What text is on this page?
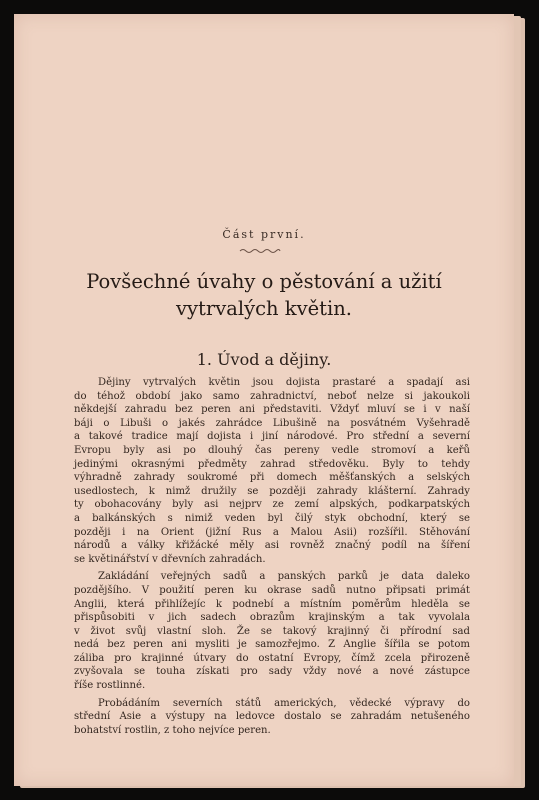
Část první.
Povšechné úvahy o pěstování a užití
vytrvalých květin.
1. Úvod a dějiny.
Dějiny vytrvalých květin jsou dojista prastaré a spadají asi
do téhož období jako samo zahradnictví, neboť nelze si jakoukoli
někdejší zahradu bez peren ani představiti. Vždyť mluví se i v naší
báji o Libuši o jakés zahrádce Libušině na posvátném Vyšehradě
a takové tradice mají dojista i jiní národové. Pro střední a severní
Evropu byly asi po dlouhý čas pereny vedle stromoví a keřů
jedinými okrasnými předměty zahrad středověku. Byly to tehdy
výhradně zahrady soukromé při domech měšťanských a selských
usedlostech, k nimž družily se později zahrady klášterní. Zahrady
ty obohacovány byly asi nejprv ze zemí alpských, podkarpatských
a balkánských s nimiž veden byl čilý styk obchodní, který se
později i na Orient (jižní Rus a Malou Asii) rozšířil. Stěhování
národů a války křižácké měly asi rovněž značný podíl na šíření
se květinářství v dřevních zahradách.
Zakládání veřejných sadů a panských parků je data daleko
pozdějšího. V použití peren ku okrase sadů nutno připsati primát
Anglii, která přihlížejíc k podnebí a místním poměrům hleděla se
přispůsobiti v jich sadech obrazům krajinským a tak vyvolala
v život svůj vlastní sloh. Že se takový krajinný či přírodní sad
nedá bez peren ani mysliti je samozřejmo. Z Anglie šířila se potom
záliba pro krajinné útvary do ostatní Evropy, čímž zcela přirozeně
zvyšovala se touha získati pro sady vždy nové a nové zástupce
říše rostlinné.
Probádáním severních států amerických, vědecké výpravy do
střední Asie a výstupy na ledovce dostalo se zahradám netušeného
bohatství rostlin, z toho nejvíce peren.
